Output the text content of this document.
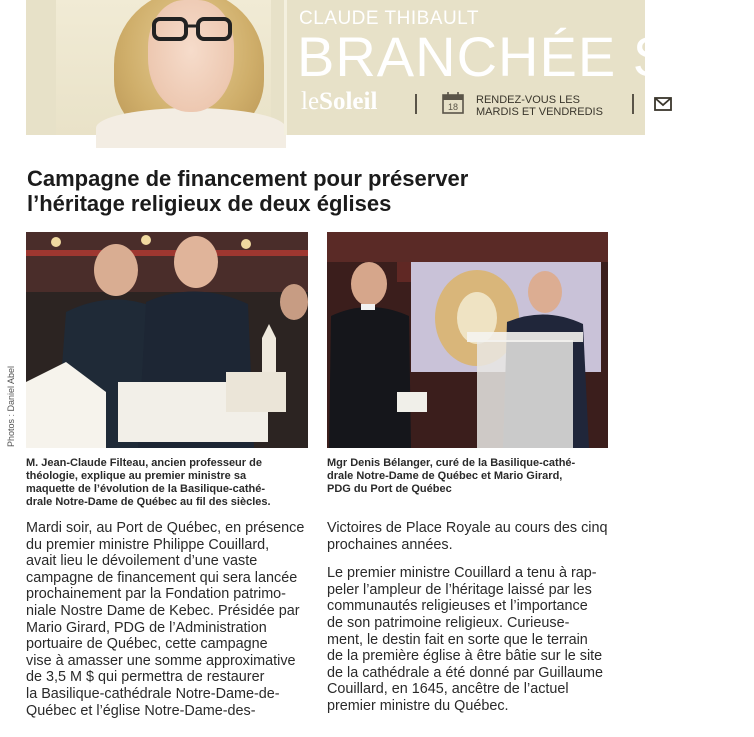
CLAUDE THIBAULT
BRANCHÉE SUR
leSoleil	18
RENDEZ-VOUS LES
MARDIS ET VENDREDIS
Campagne de financement pour préserver
l’héritage religieux de deux églises
Photos : Daniel Abel
M. Jean-Claude Filteau, ancien professeur de
théologie, explique au premier ministre sa
maquette de l’évolution de la Basilique-cathé-
drale Notre-Dame de Québec au fil des siècles.
Mgr Denis Bélanger, curé de la Basilique-cathé-
drale Notre-Dame de Québec et Mario Girard,
PDG du Port de Québec
Mardi soir, au Port de Québec, en présence
du premier ministre Philippe Couillard,
avait lieu le dévoilement d’une vaste
campagne de financement qui sera lancée
prochainement par la Fondation patrimo-
niale Nostre Dame de Kebec. Présidée par
Mario Girard, PDG de l’Administration
portuaire de Québec, cette campagne
vise à amasser une somme approximative
de 3,5 M $ qui permettra de restaurer
la Basilique-cathédrale Notre-Dame-de-
Québec et l’église Notre-Dame-des-
Victoires de Place Royale au cours des cinq
prochaines années.
Le premier ministre Couillard a tenu à rap-
peler l’ampleur de l’héritage laissé par les
communautés religieuses et l’importance
de son patrimoine religieux. Curieuse-
ment, le destin fait en sorte que le terrain
de la première église à être bâtie sur le site
de la cathédrale a été donné par Guillaume
Couillard, en 1645, ancêtre de l’actuel
premier ministre du Québec.
